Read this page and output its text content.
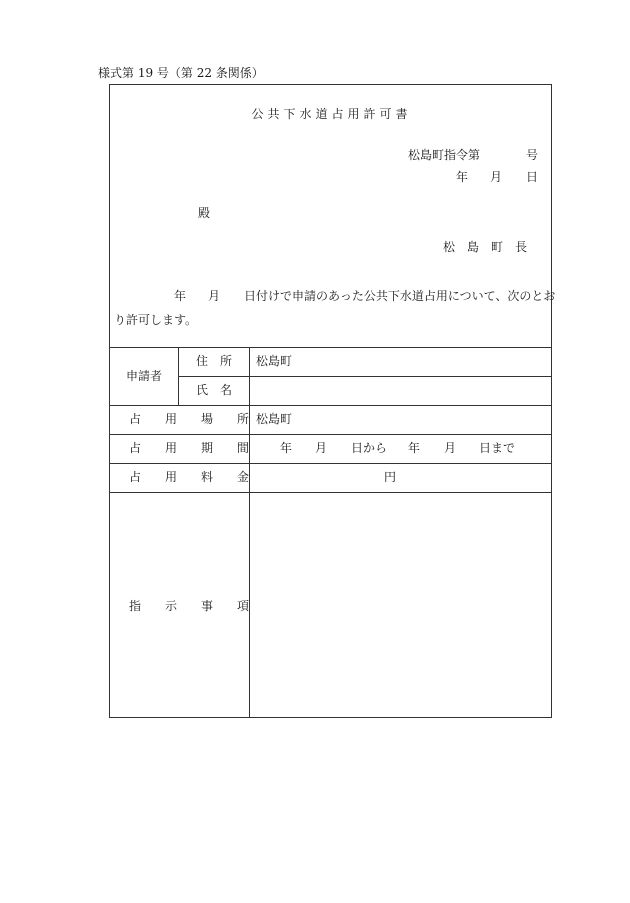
様式第 19 号（第 22 条関係）
公共下水道占用許可書
松島町指令第	号
年 月 日
殿
松　島　町　長
年 月 日付けで申請のあった公共下水道占用について、次のとお
り許可します。
申請者
住　所 松島町
氏　名
占　　用　　場　　所 松島町
占　　用　　期　　間	年 月 日から 年 月 日まで
占　　用　　料　　金	円
指　　示　　事　　項
